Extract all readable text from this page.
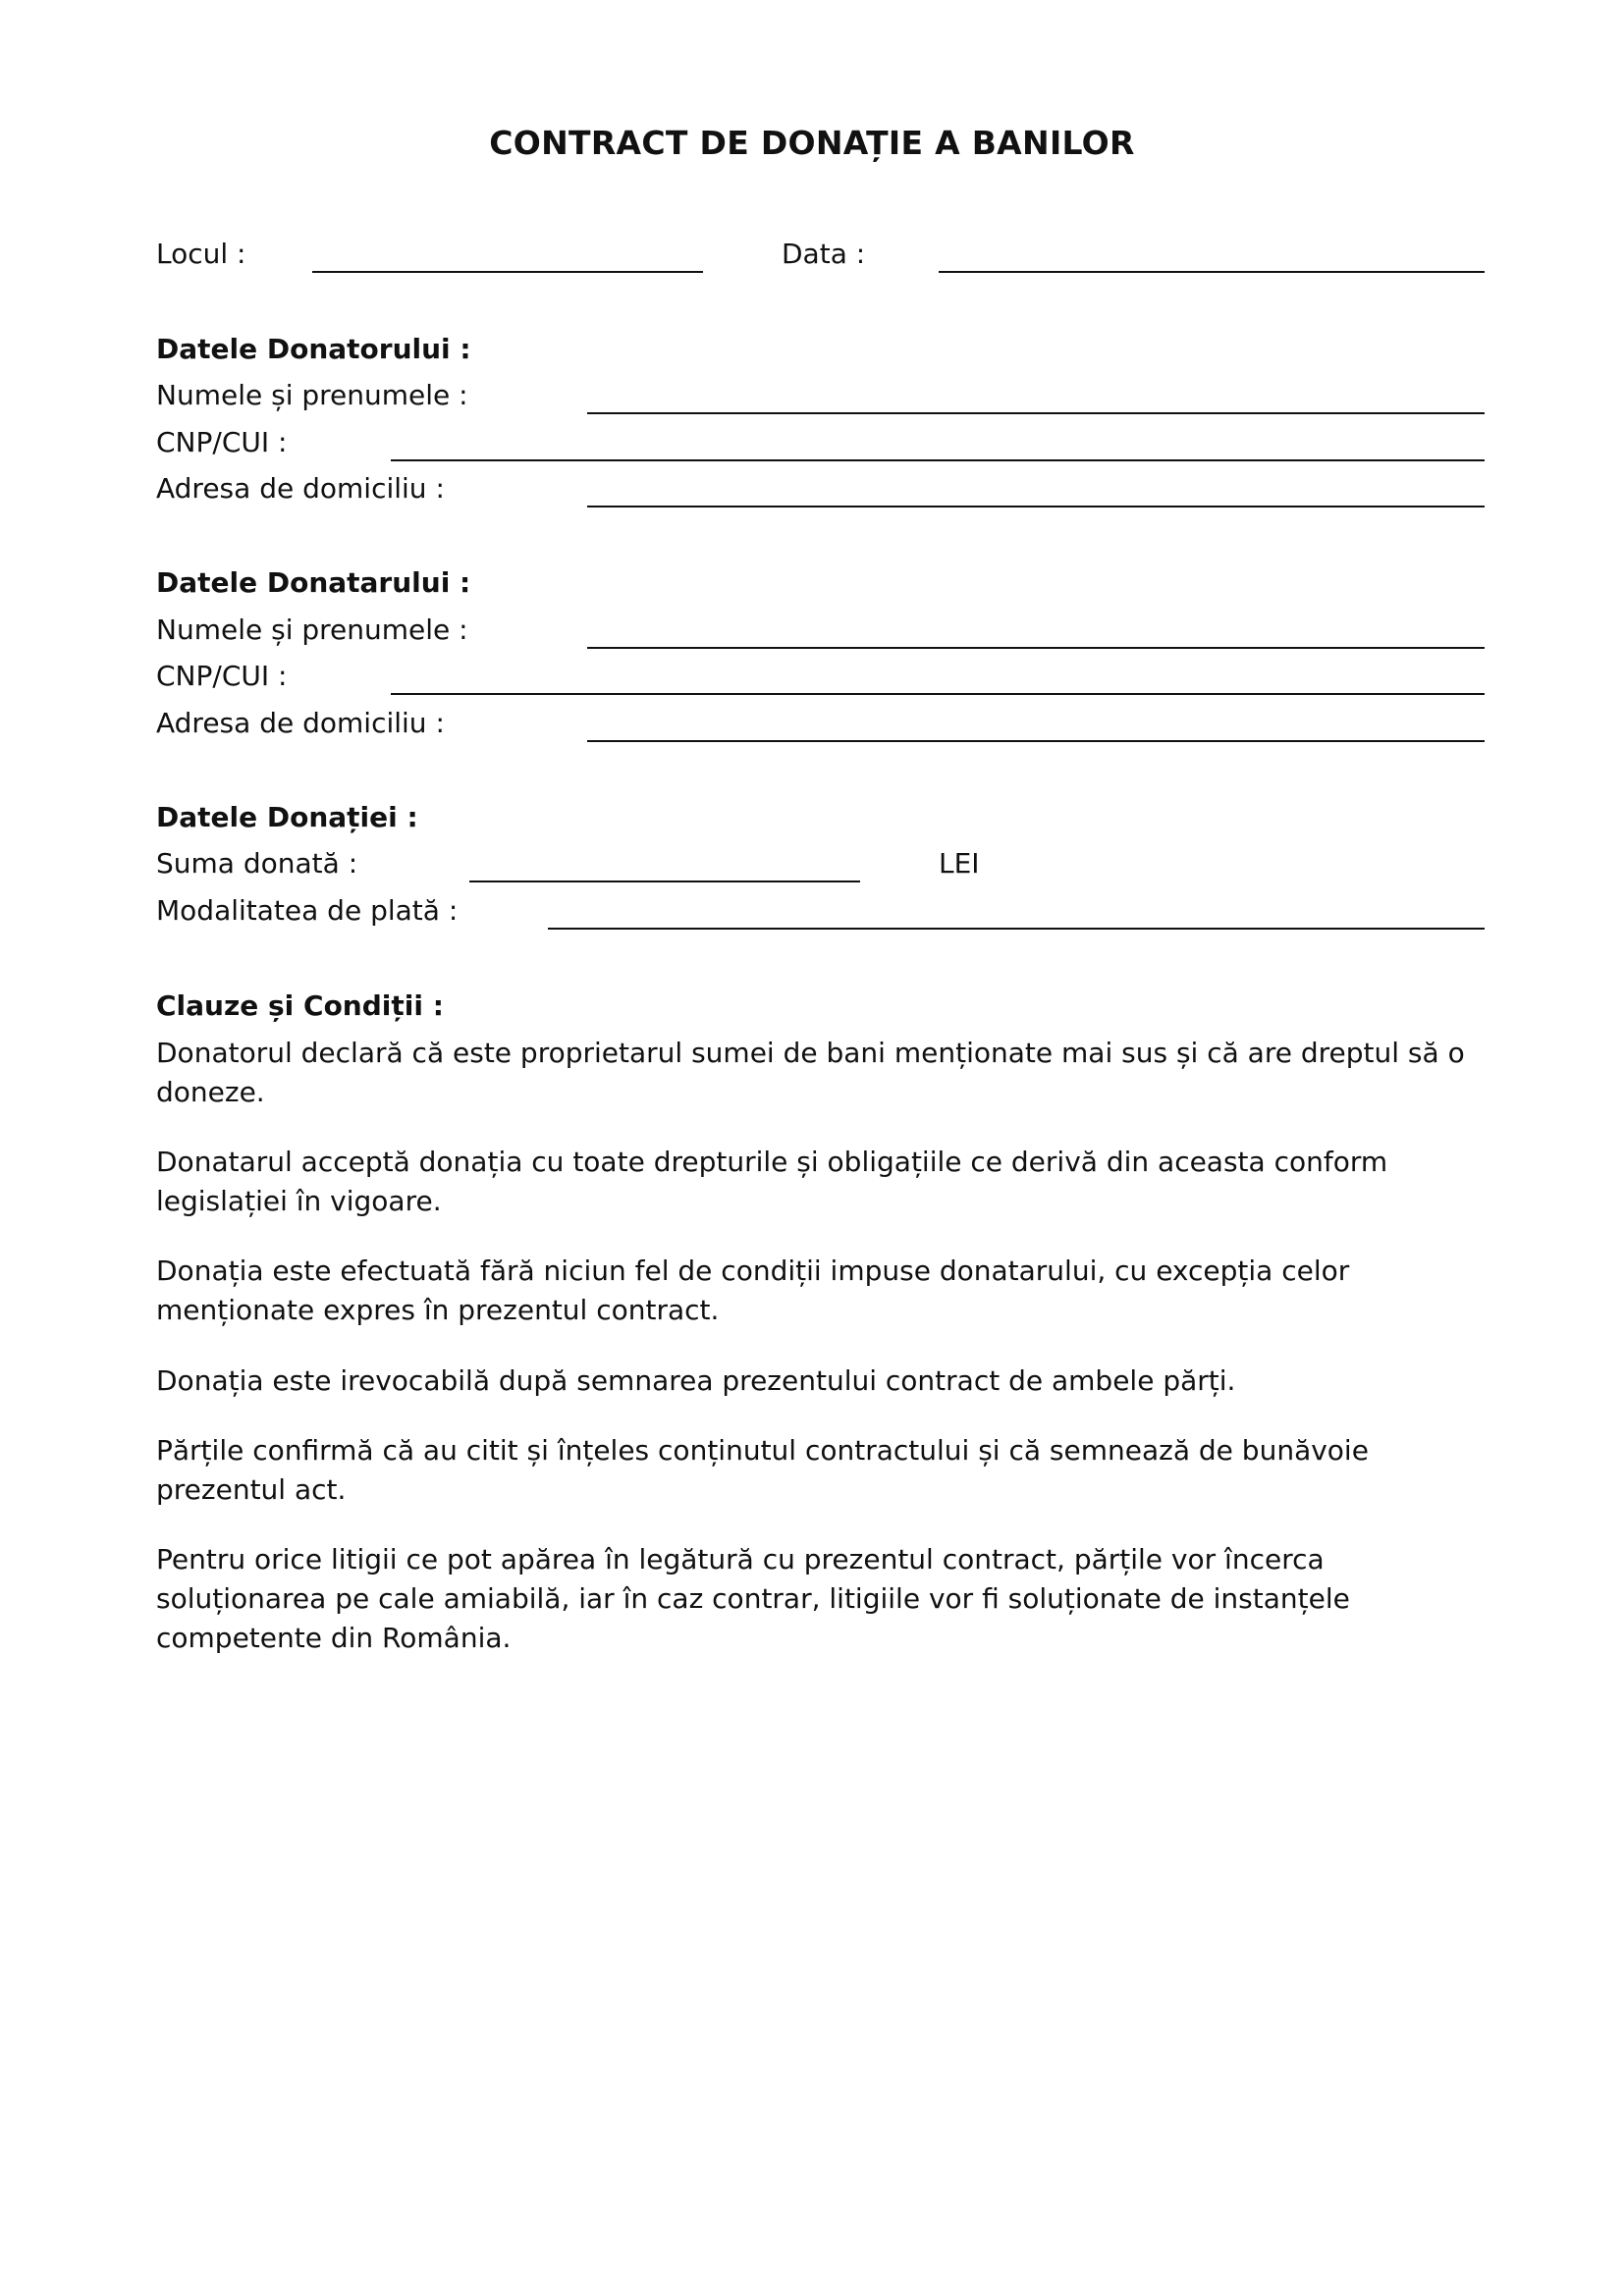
CONTRACT DE DONAȚIE A BANILOR
Locul :	Data :
Datele Donatorului :
Numele și prenumele :
CNP/CUI :
Adresa de domiciliu :
Datele Donatarului :
Numele și prenumele :
CNP/CUI :
Adresa de domiciliu :
Datele Donației :
Suma donată :	LEI
Modalitatea de plată :
Clauze și Condiții :
Donatorul declară că este proprietarul sumei de bani menționate mai sus și că are dreptul să o doneze.
Donatarul acceptă donația cu toate drepturile și obligațiile ce derivă din aceasta conform legislației în vigoare.
Donația este efectuată fără niciun fel de condiții impuse donatarului, cu excepția celor menționate expres în prezentul contract.
Donația este irevocabilă după semnarea prezentului contract de ambele părți.
Părțile confirmă că au citit și înțeles conținutul contractului și că semnează de bunăvoie prezentul act.
Pentru orice litigii ce pot apărea în legătură cu prezentul contract, părțile vor încerca soluționarea pe cale amiabilă, iar în caz contrar, litigiile vor fi soluționate de instanțele competente din România.
